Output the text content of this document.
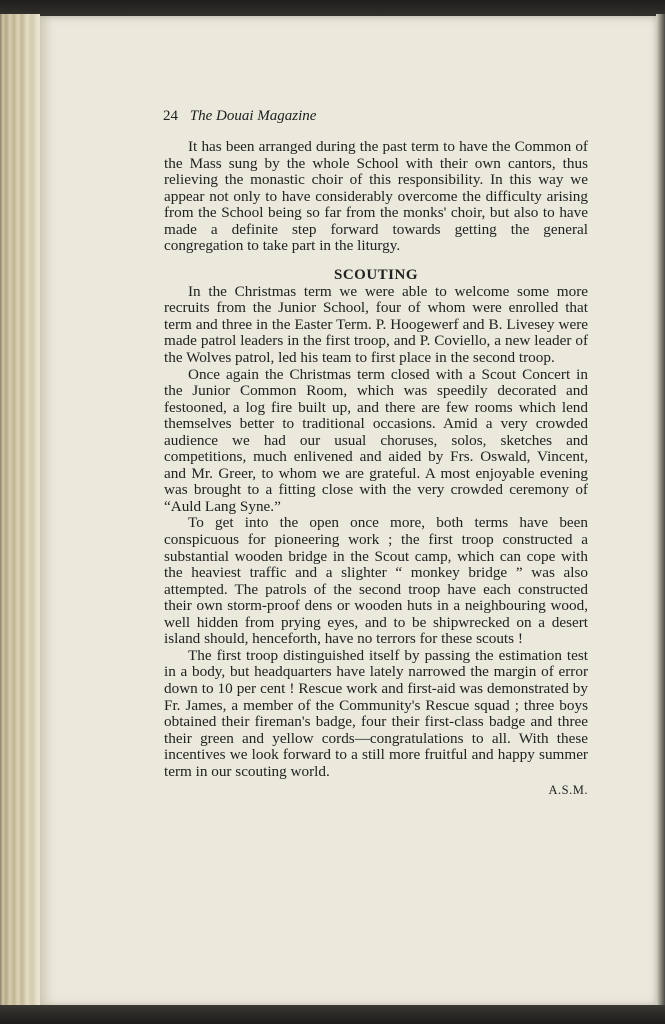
24 The Douai Magazine

It has been arranged during the past term to have the Common of the Mass sung by the whole School with their own cantors, thus relieving the monastic choir of this responsibility. In this way we appear not only to have considerably overcome the difficulty arising from the School being so far from the monks' choir, but also to have made a definite step forward towards getting the general congregation to take part in the liturgy.

SCOUTING

In the Christmas term we were able to welcome some more recruits from the Junior School, four of whom were enrolled that term and three in the Easter Term. P. Hoogewerf and B. Livesey were made patrol leaders in the first troop, and P. Coviello, a new leader of the Wolves patrol, led his team to first place in the second troop.

Once again the Christmas term closed with a Scout Concert in the Junior Common Room, which was speedily decorated and festooned, a log fire built up, and there are few rooms which lend themselves better to traditional occasions. Amid a very crowded audience we had our usual choruses, solos, sketches and competitions, much enlivened and aided by Frs. Oswald, Vincent, and Mr. Greer, to whom we are grateful. A most enjoyable evening was brought to a fitting close with the very crowded ceremony of “Auld Lang Syne.”

To get into the open once more, both terms have been conspicuous for pioneering work ; the first troop constructed a substantial wooden bridge in the Scout camp, which can cope with the heaviest traffic and a slighter “ monkey bridge ” was also attempted. The patrols of the second troop have each constructed their own storm-proof dens or wooden huts in a neighbouring wood, well hidden from prying eyes, and to be shipwrecked on a desert island should, henceforth, have no terrors for these scouts !

The first troop distinguished itself by passing the estimation test in a body, but headquarters have lately narrowed the margin of error down to 10 per cent ! Rescue work and first-aid was demonstrated by Fr. James, a member of the Community's Rescue squad ; three boys obtained their fireman's badge, four their first-class badge and three their green and yellow cords—congratulations to all. With these incentives we look forward to a still more fruitful and happy summer term in our scouting world.

A.S.M.
